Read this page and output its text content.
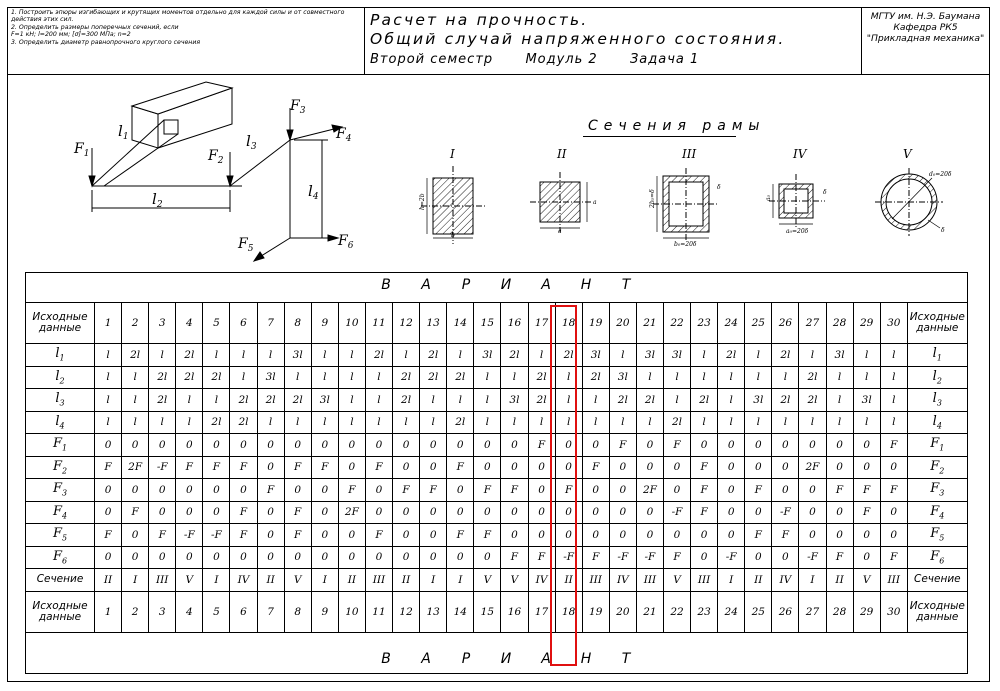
1. Построить эпюры изгибающих и крутящих моментов отдельно для каждой силы и от совместного
действия этих сил.
2. Определить размеры поперечных сечений, если
F=1 кН; l=200 мм; [σ]=300 МПа; n=2
3. Определить диаметр равнопрочного круглого сечения
Расчет на прочность.
Общий случай напряженного состояния.
Второй семестр Модуль 2 Задача 1
МГТУ им. Н.Э. Баумана
Кафедра РК5
"Прикладная механика"
$F_1$	$F_2$
$F_3$
$F_4$
$F_5$	$F_6$
$l_1$
$l_2$
$l_3$
$l_4$
Сечения рамы
I
h=2b
b
II
a
a
III
2b₀=δ
b₀=20δ
δ
IV
a₀
a₀=20δ
δ
V
d₀=20δ
δ
В А Р И А Н Т
В А Р И А Н Т
Исходные данные	1	2	3	4	5	6	7	8	9	10	11	12	13	14	15	16	17	18	19	20	21	22	23	24	25	26	27	28	29	30	Исходные данные
$l_1$	l	2l	l	2l	l	l	l	3l	l	l	2l	l	2l	l	3l	2l	l	2l	3l	l	3l	3l	l	2l	l	2l	l	3l	l	l	$l_1$
$l_2$	l	l	2l	2l	2l	l	3l	l	l	l	l	2l	2l	2l	l	l	2l	l	2l	3l	l	l	l	l	l	l	2l	l	l	l	$l_2$
$l_3$	l	l	2l	l	l	2l	2l	2l	3l	l	l	2l	l	l	l	3l	2l	l	l	2l	2l	l	2l	l	3l	2l	2l	l	3l	l	$l_3$
$l_4$	l	l	l	l	2l	2l	l	l	l	l	l	l	l	2l	l	l	l	l	l	l	l	2l	l	l	l	l	l	l	l	l	$l_4$
$F_1$	0	0	0	0	0	0	0	0	0	0	0	0	0	0	0	0	F	0	0	F	0	F	0	0	0	0	0	0	0	F	$F_1$
$F_2$	F	2F	-F	F	F	F	0	F	F	0	F	0	0	F	0	0	0	0	F	0	0	0	F	0	0	0	2F	0	0	0	$F_2$
$F_3$	0	0	0	0	0	0	F	0	0	F	0	F	F	0	F	F	0	F	0	0	2F	0	F	0	F	0	0	F	F	F	$F_3$
$F_4$	0	F	0	0	0	F	0	F	0	2F	0	0	0	0	0	0	0	0	0	0	0	-F	F	0	0	-F	0	0	F	0	$F_4$
$F_5$	F	0	F	-F	-F	F	0	F	0	0	F	0	0	F	F	0	0	0	0	0	0	0	0	0	F	F	0	0	0	0	$F_5$
$F_6$	0	0	0	0	0	0	0	0	0	0	0	0	0	0	0	F	F	-F	F	-F	-F	F	0	-F	0	0	-F	F	0	F	$F_6$
Сечение	II	I	III	V	I	IV	II	V	I	II	III	II	I	I	V	V	IV	II	III	IV	III	V	III	I	II	IV	I	II	V	III	Сечение
Исходные данные	1	2	3	4	5	6	7	8	9	10	11	12	13	14	15	16	17	18	19	20	21	22	23	24	25	26	27	28	29	30	Исходные данные
